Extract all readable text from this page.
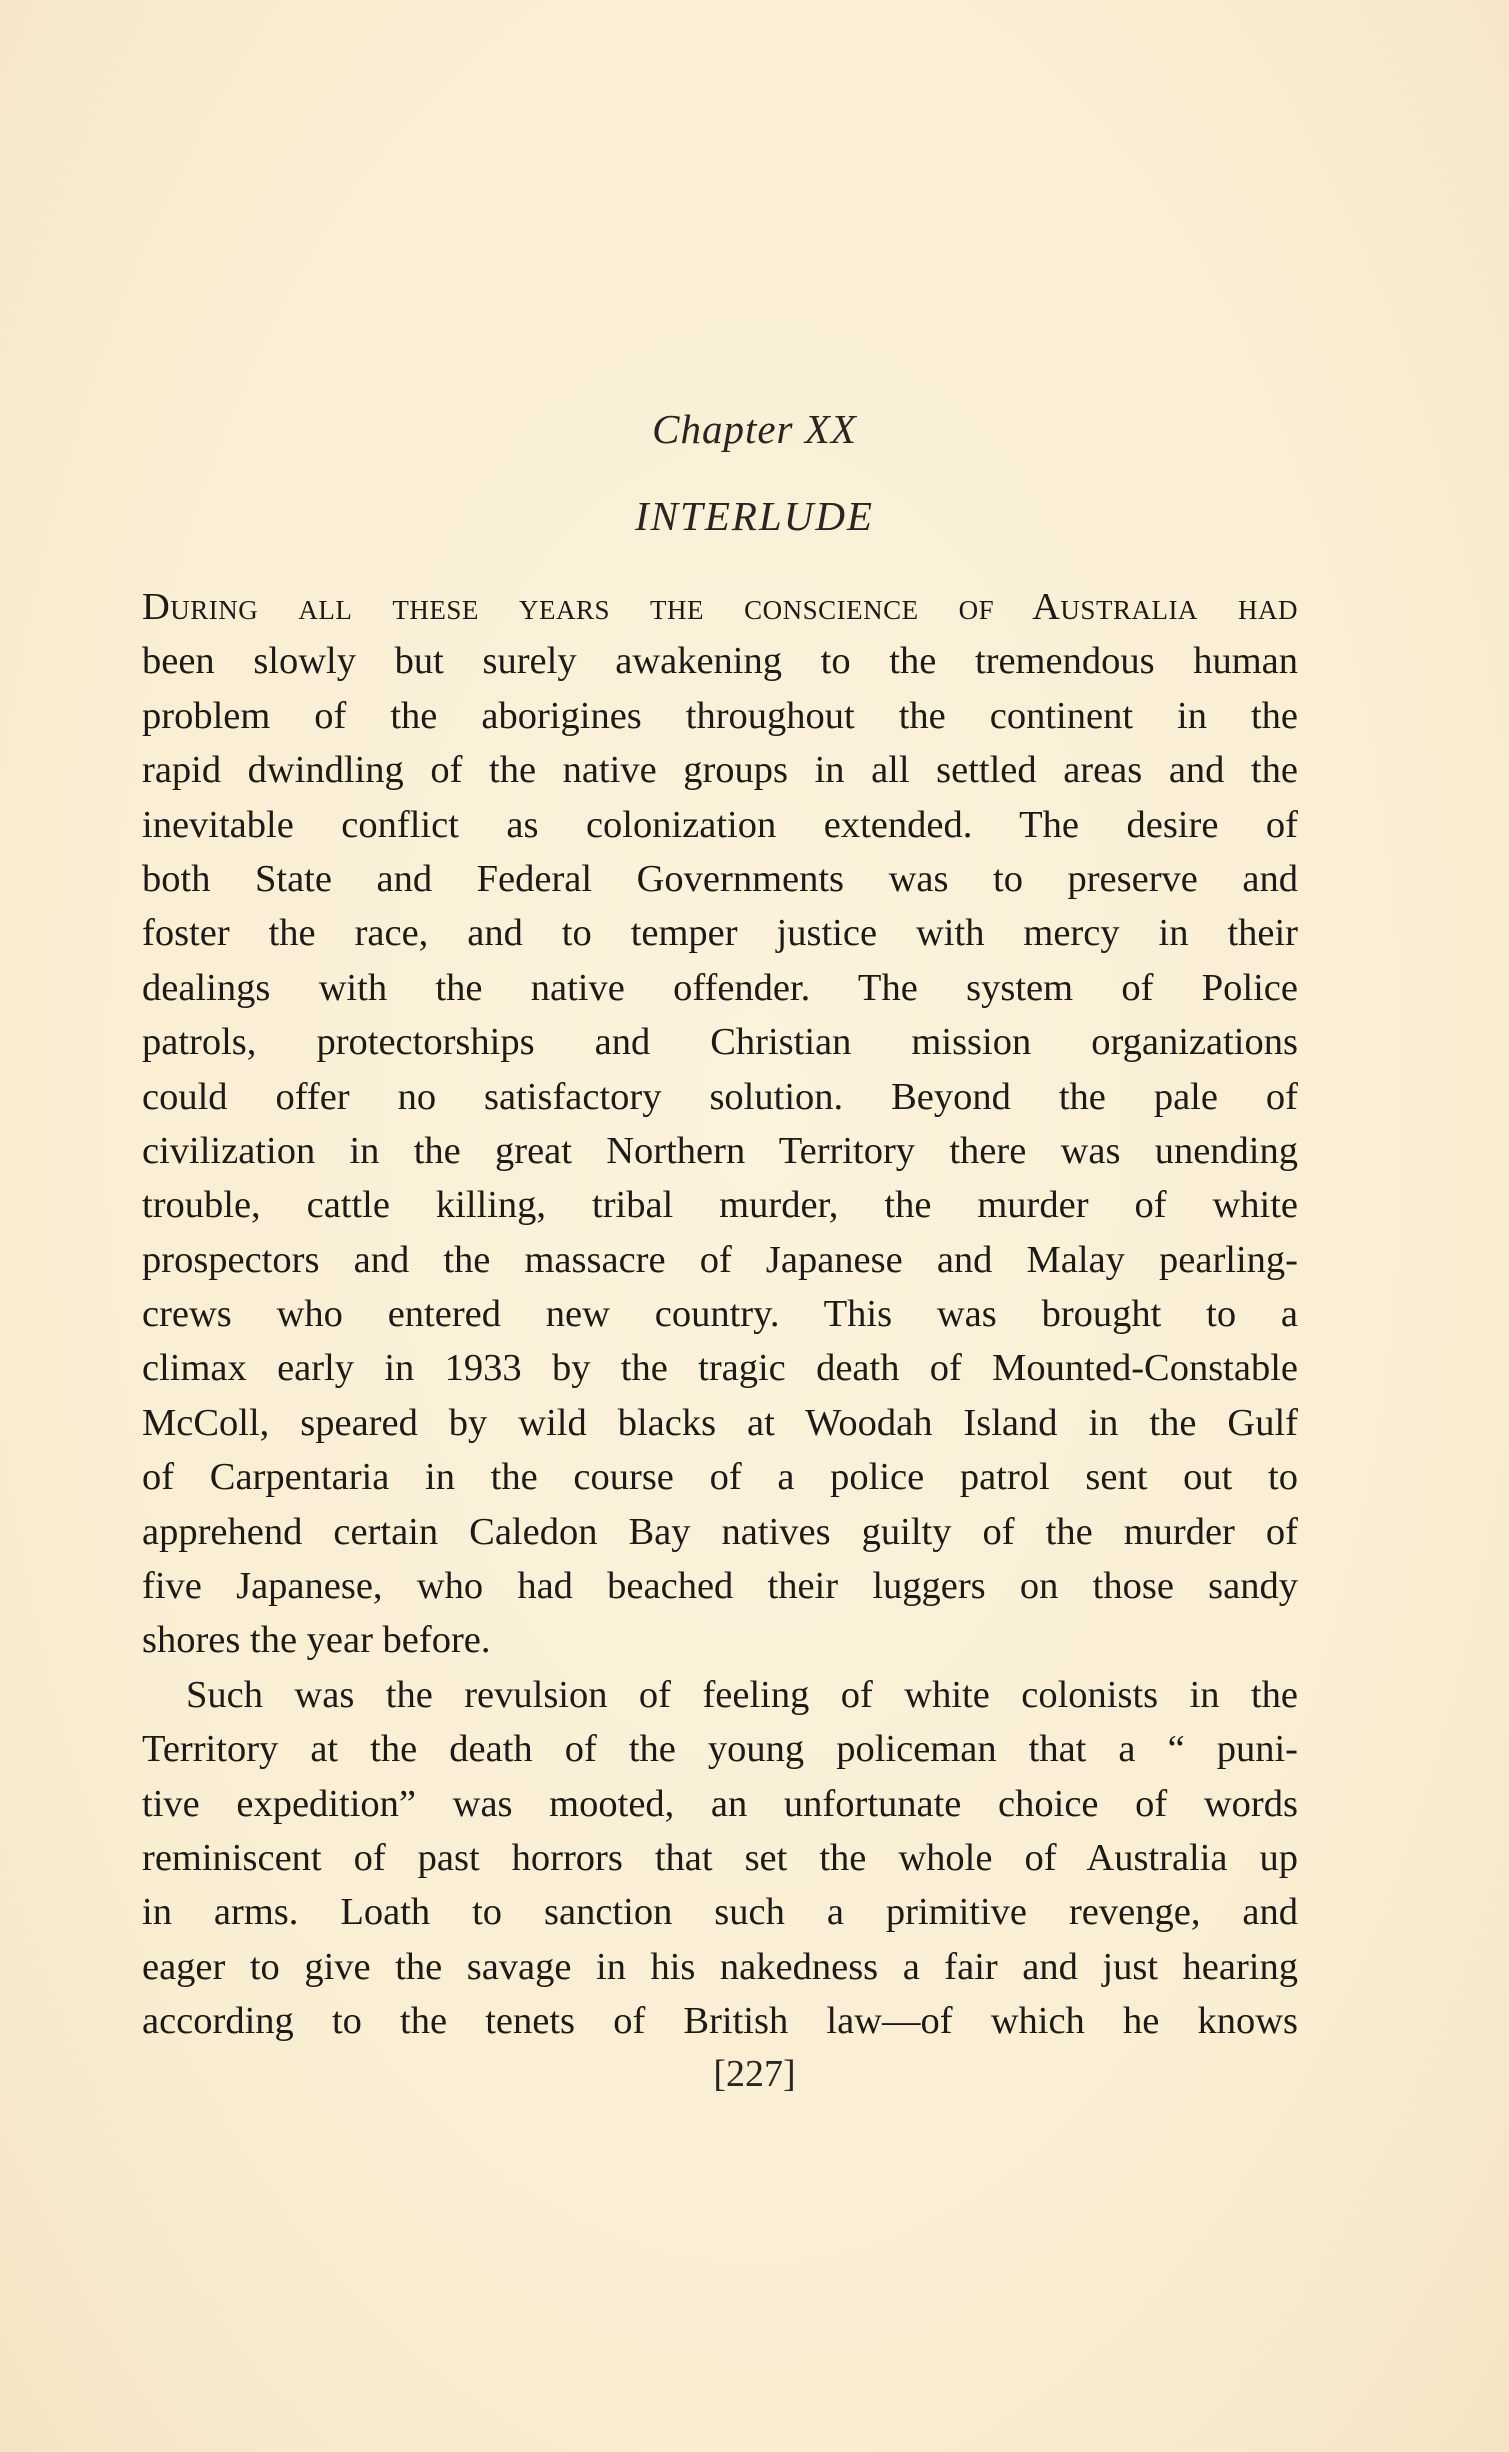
Chapter XX
INTERLUDE
During all these years the conscience of Australia had
been slowly but surely awakening to the tremendous human
problem of the aborigines throughout the continent in the
rapid dwindling of the native groups in all settled areas and the
inevitable conflict as colonization extended. The desire of
both State and Federal Governments was to preserve and
foster the race, and to temper justice with mercy in their
dealings with the native offender. The system of Police
patrols, protectorships and Christian mission organizations
could offer no satisfactory solution. Beyond the pale of
civilization in the great Northern Territory there was unending
trouble, cattle killing, tribal murder, the murder of white
prospectors and the massacre of Japanese and Malay pearling-
crews who entered new country. This was brought to a
climax early in 1933 by the tragic death of Mounted-Constable
McColl, speared by wild blacks at Woodah Island in the Gulf
of Carpentaria in the course of a police patrol sent out to
apprehend certain Caledon Bay natives guilty of the murder of
five Japanese, who had beached their luggers on those sandy
shores the year before.
Such was the revulsion of feeling of white colonists in the
Territory at the death of the young policeman that a “ puni-
tive expedition” was mooted, an unfortunate choice of words
reminiscent of past horrors that set the whole of Australia up
in arms. Loath to sanction such a primitive revenge, and
eager to give the savage in his nakedness a fair and just hearing
according to the tenets of British law—of which he knows
[227]
